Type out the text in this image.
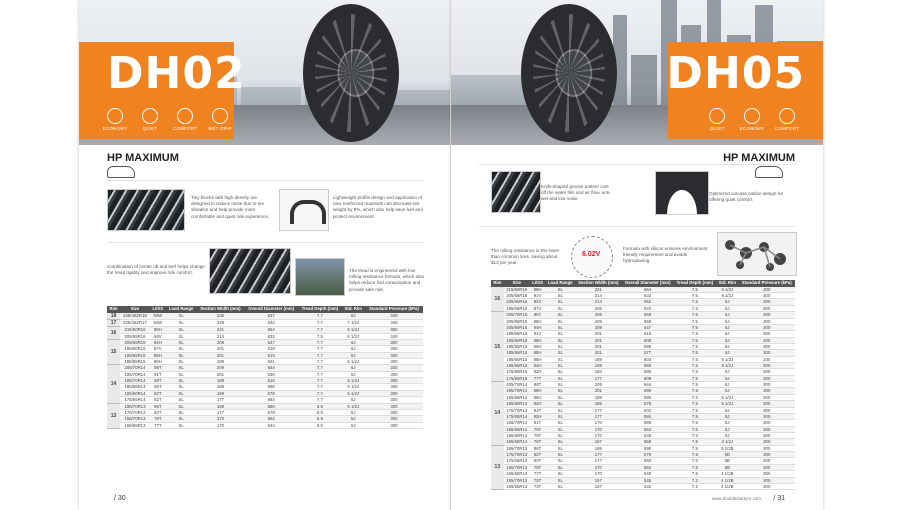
DH02
ECONOMY	QUIET	COMFORT	WET GRIP
HP MAXIMUM
Tiny blocks with high density are designed to reduce noise due to tire vibration and help provide more comfortable and quiet ride experience.
Lightweight profile design and application of new reinforced materials can decrease tire weight by 8%, which also help save fuel and protect environment.
Combination of center rib and kerf helps change the tread rigidity and improve ride comfort.	The tread is engineered with low rolling resistance formula, which also helps reduce fuel consumption and provide safe ride.
Rim	Size	LI/SS	Load Range	Section Width (mm)	Overall Diameter (mm)	Tread Depth (mm)	Std. Rim	Standard Pressure (kPa)
18	225/40ZR18	92W	XL	235	637	7.7	8J	340
17	225/45ZR17	94W	XL	228	634	7.7	7 1/2J	340
16	215/60R16	95H	SL	221	664	7.7	6 1/2J	300
	205/55R16	94V	XL	214	632	7.5	6 1/2J	340
15	205/65R15	94H	SL	209	647	7.7	6J	300
	195/60R15	87V	SL	201	618	7.7	6J	300
	195/65R15	88H	SL	201	615	7.7	6J	300
	185/65R15	88H	SL	189	621	7.7	5 1/2J	300
14	205/70R14	98T	XL	209	644	7.7	6J	340
	195/70R14	91T	SL	201	630	7.7	6J	300
	185/70R14	88T	SL	189	616	7.7	5 1/2J	300
	185/65R14	86T	SL	189	596	7.7	5 1/2J	300
	185/60R14	82T	SL	189	578	7.7	5 1/2J	300
	175/65R14	82T	SL	177	584	7.7	5J	300
13	185/70R13	86T	SL	189	590	6.9	5 1/2J	300
	175/70R13	82T	SL	177	578	6.9	5J	300
	165/70R13	79T	SL	170	562	6.9	5J	300
	155/65R13	77T	SL	170	544	6.9	5J	300
/ 30
DH05
QUIET	ECONOMY	COMFORT
HP MAXIMUM
Knife-shaped groove pattern cuts off the water film and air flow, anti-wet and low noise.
Optimized carcass outline design for offering quiet comfort.
The rolling resistance is 8% lower than common tires, saving about $13 per year.
6.02V
Formula with silicon ensures environment friendly requirement and avoids hydroplaning.
Rim	Size	LI/SS	Load Range	Section Width (mm)	Overall Diameter (mm)	Tread Depth (mm)	Std. Rim	Standard Pressure (kPa)
16	215/60R16	95H	SL	221	664	7.5	6 1/2J	300
	205/55R16	91V	SL	214	632	7.5	6 1/2J	300
	205/60R16	92V	SL	214	652	7.5	6J	300
	195/55R16	87V	SL	206	620	7.5	6J	300
15	205/70R15	96T	SL	209	669	7.5	6J	300
	205/65R15	95H	SL	209	655	7.5	6J	300
	205/60R15	94H	SL	209	647	7.5	6J	300
	195/65R15	91V	SL	201	615	7.5	6J	300
	195/60R15	88H	SL	201	609	7.5	6J	300
	195/55R15	85H	SL	201	595	7.5	6J	300
	185/65R15	88H	SL	201	577	7.5	6J	300
	185/60R15	86H	XL	189	603	7.5	5 1/2J	340
	185/55R15	84H	SL	189	580	7.5	5 1/2J	300
	175/65R15	82H	SL	184	585	7.5	5J	300
	175/55R15	77T	XL	177	609	7.5	5J	300
14	205/70R14	98T	SL	209	644	7.5	6J	300
	195/70R14	88H	SL	201	590	7.5	6J	300
	185/65R14	86H	SL	189	596	7.5	5 1/2J	300
	185/60R14	82H	SL	189	578	7.5	5 1/2J	300
	175/70R14	84T	SL	177	602	7.5	5J	300
	175/65R14	82H	SL	177	584	7.5	5J	300
	165/70R14	81T	SL	170	589	7.5	5J	300
	165/65R14	79T	SL	170	564	7.5	5J	300
	165/60R14	75T	SL	170	548	7.5	5J	300
	155/65R14	75T	SL	157	558	7.5	4 1/2J	300
13	185/70R13	86T	SL	189	590	7.5	5 1/2B	300
	175/70R13	82T	SL	177	578	7.5	5B	300
	175/65R13	80T	SL	177	560	7.5	5B	300
	165/70R13	79T	SL	170	562	7.5	5B	300
	165/65R13	77T	SL	170	540	7.5	4 1/2B	300
	155/70R13	75T	SL	157	548	7.2	4 1/2B	300
	155/65R13	73T	SL	157	532	7.2	4 1/2B	300
www.doublestartyre.com / 31
